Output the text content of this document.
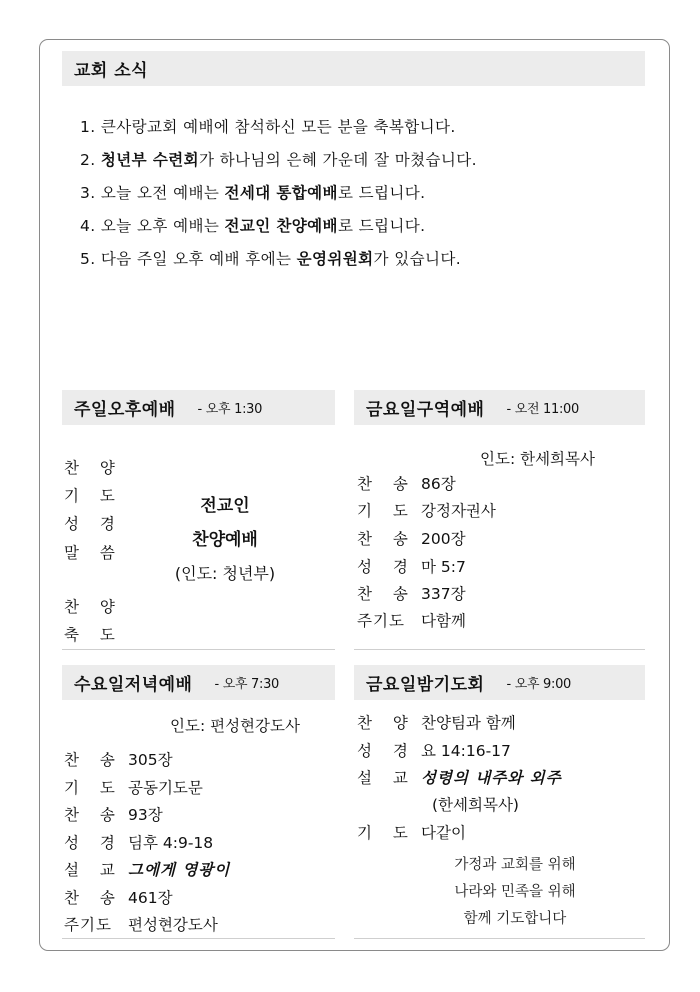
교회 소식
1. 큰사랑교회 예배에 참석하신 모든 분을 축복합니다.
2. 청년부 수련회가 하나님의 은혜 가운데 잘 마쳤습니다.
3. 오늘 오전 예배는 전세대 통합예배로 드립니다.
4. 오늘 오후 예배는 전교인 찬양예배로 드립니다.
5. 다음 주일 오후 예배 후에는 운영위원회가 있습니다.
주일오후예배 - 오후 1:30
찬 양
기 도
성 경
말 씀
찬 양
축 도
전교인
찬양예배
(인도: 청년부)
금요일구역예배 - 오전 11:00
인도: 한세희목사
찬 송 86장
기 도 강정자권사
찬 송 200장
성 경 마 5:7
찬 송 337장
주기도 다함께
수요일저녁예배 - 오후 7:30
인도: 편성현강도사
찬 송 305장
기 도 공동기도문
찬 송 93장
성 경 딤후 4:9-18
설 교 그에게 영광이
찬 송 461장
주기도 편성현강도사
금요일밤기도회 - 오후 9:00
찬 양 찬양팀과 함께
성 경 요 14:16-17
설 교 성령의 내주와 외주
(한세희목사)
기 도 다같이
가정과 교회를 위해
나라와 민족을 위해
함께 기도합니다
